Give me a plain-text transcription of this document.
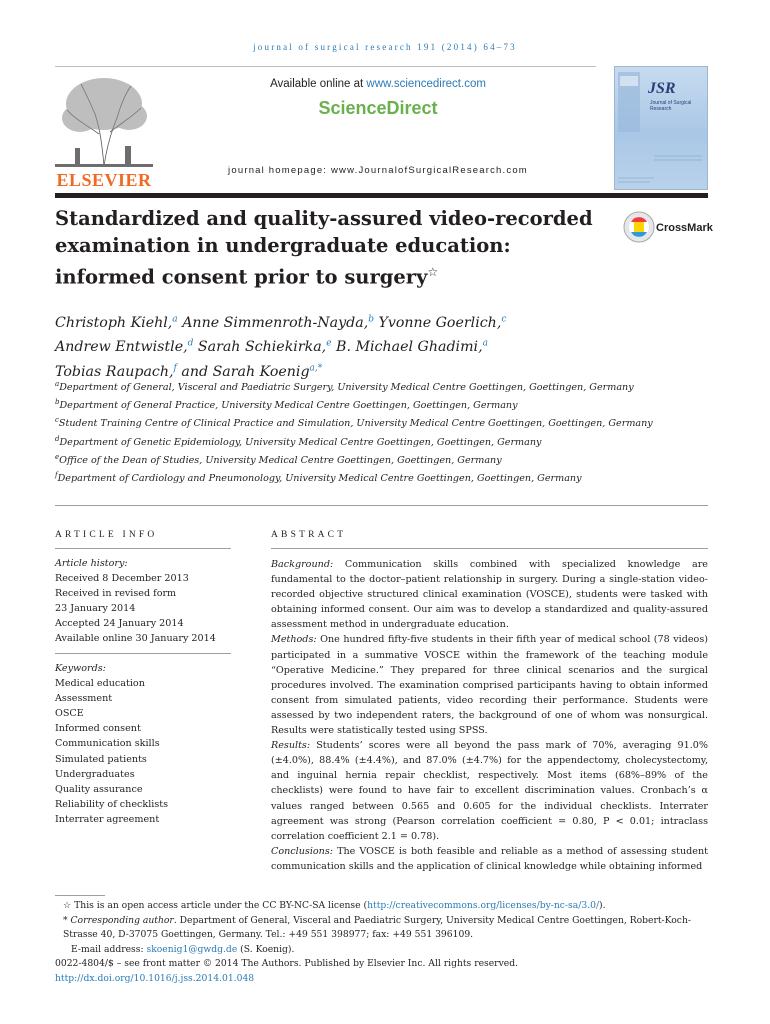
journal of surgical research 191 (2014) 64–73
ELSEVIER
Available online at www.sciencedirect.com
ScienceDirect
journal homepage: www.JournalofSurgicalResearch.com
JSR
Journal of Surgical Research
Standardized and quality-assured video-recorded examination in undergraduate education: informed consent prior to surgery☆
CrossMark
Christoph Kiehl,$^a$ Anne Simmenroth-Nayda,$^b$ Yvonne Goerlich,$^c$
Andrew Entwistle,$^d$ Sarah Schiekirka,$^e$ B. Michael Ghadimi,$^a$
Tobias Raupach,$^f$ and Sarah Koenig$^{a,*}$
$^a$Department of General, Visceral and Paediatric Surgery, University Medical Centre Goettingen, Goettingen, Germany
$^b$Department of General Practice, University Medical Centre Goettingen, Goettingen, Germany
$^c$Student Training Centre of Clinical Practice and Simulation, University Medical Centre Goettingen, Goettingen, Germany
$^d$Department of Genetic Epidemiology, University Medical Centre Goettingen, Goettingen, Germany
$^e$Office of the Dean of Studies, University Medical Centre Goettingen, Goettingen, Germany
$^f$Department of Cardiology and Pneumonology, University Medical Centre Goettingen, Goettingen, Germany
ARTICLE INFO	ABSTRACT
Article history:
Received 8 December 2013
Received in revised form
23 January 2014
Accepted 24 January 2014
Available online 30 January 2014
Keywords:
Medical education
Assessment
OSCE
Informed consent
Communication skills
Simulated patients
Undergraduates
Quality assurance
Reliability of checklists
Interrater agreement

Background: Communication skills combined with specialized knowledge are fundamental to the doctor–patient relationship in surgery. During a single-station video-recorded objective structured clinical examination (VOSCE), students were tasked with obtaining informed consent. Our aim was to develop a standardized and quality-assured assessment method in undergraduate education.

Methods: One hundred fifty-five students in their fifth year of medical school (78 videos) participated in a summative VOSCE within the framework of the teaching module “Operative Medicine.” They prepared for three clinical scenarios and the surgical procedures involved. The examination comprised participants having to obtain informed consent from simulated patients, video recording their performance. Students were assessed by two independent raters, the background of one of whom was nonsurgical. Results were statistically tested using SPSS.

Results: Students’ scores were all beyond the pass mark of 70%, averaging 91.0% (±4.0%), 88.4% (±4.4%), and 87.0% (±4.7%) for the appendectomy, cholecystectomy, and inguinal hernia repair checklist, respectively. Most items (68%–89% of the checklists) were found to have fair to excellent discrimination values. Cronbach’s α values ranged between 0.565 and 0.605 for the individual checklists. Interrater agreement was strong (Pearson correlation coefficient = 0.80, P < 0.01; intraclass correlation coefficient 2.1 = 0.78).

Conclusions: The VOSCE is both feasible and reliable as a method of assessing student communication skills and the application of clinical knowledge while obtaining informed

☆ This is an open access article under the CC BY-NC-SA license (http://creativecommons.org/licenses/by-nc-sa/3.0/).
* Corresponding author. Department of General, Visceral and Paediatric Surgery, University Medical Centre Goettingen, Robert-Koch-Strasse 40, D-37075 Goettingen, Germany. Tel.: +49 551 398977; fax: +49 551 396109.
E-mail address: skoenig1@gwdg.de (S. Koenig).
0022-4804/$ – see front matter © 2014 The Authors. Published by Elsevier Inc. All rights reserved.
http://dx.doi.org/10.1016/j.jss.2014.01.048
